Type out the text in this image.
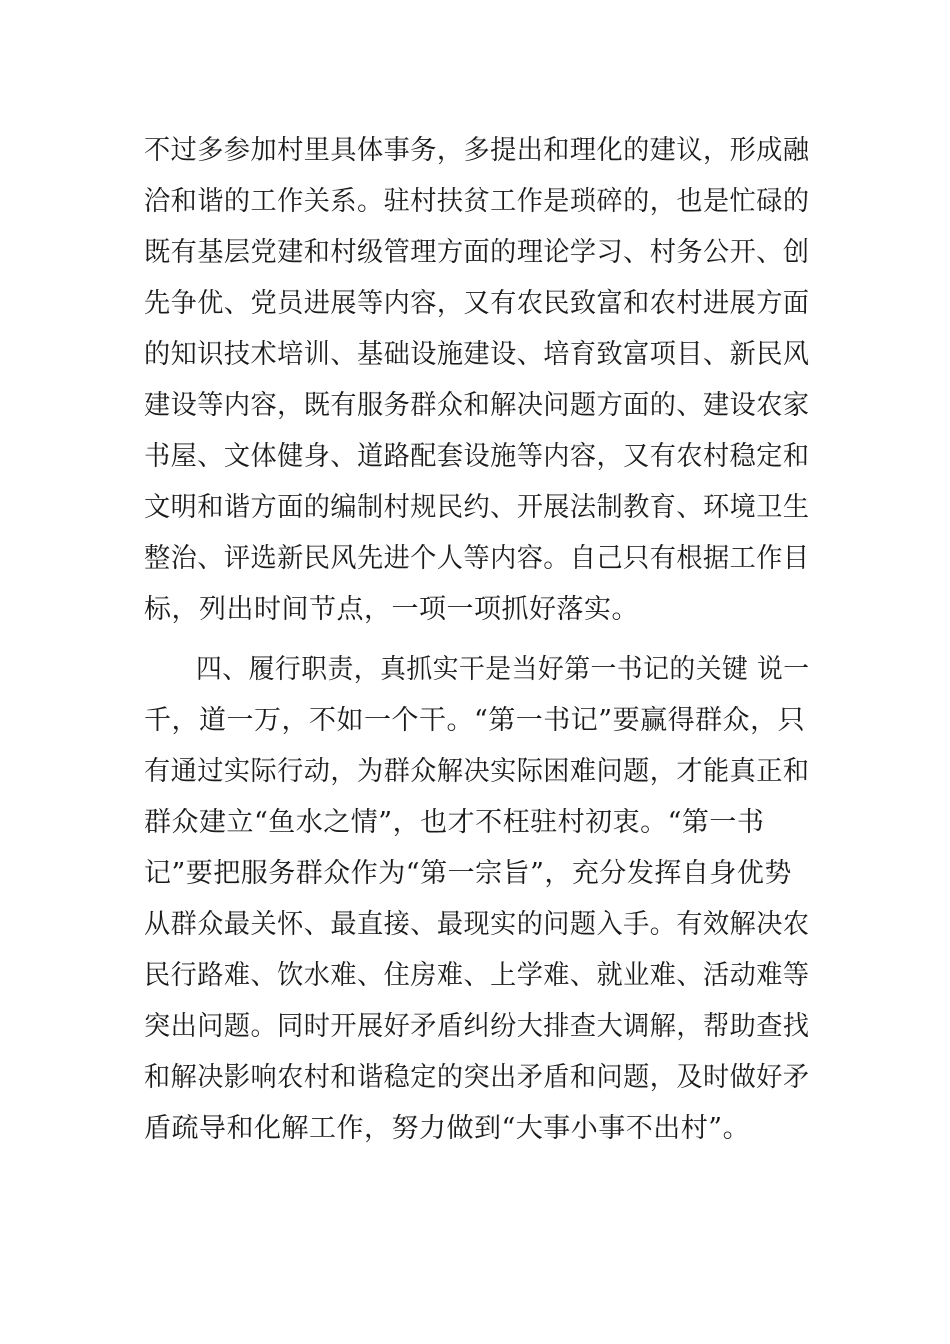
不过多参加村里具体事务，多提出和理化的建议，形成融
洽和谐的工作关系。驻村扶贫工作是琐碎的，也是忙碌的
既有基层党建和村级管理方面的理论学习、村务公开、创
先争优、党员进展等内容，又有农民致富和农村进展方面
的知识技术培训、基础设施建设、培育致富项目、新民风
建设等内容，既有服务群众和解决问题方面的、建设农家
书屋、文体健身、道路配套设施等内容，又有农村稳定和
文明和谐方面的编制村规民约、开展法制教育、环境卫生
整治、评选新民风先进个人等内容。自己只有根据工作目
标，列出时间节点，一项一项抓好落实。
四、履行职责，真抓实干是当好第一书记的关键 说一
千，道一万，不如一个干。“第一书记”要赢得群众，只
有通过实际行动，为群众解决实际困难问题，才能真正和
群众建立“鱼水之情”，也才不枉驻村初衷。“第一书
记”要把服务群众作为“第一宗旨”，充分发挥自身优势
从群众最关怀、最直接、最现实的问题入手。有效解决农
民行路难、饮水难、住房难、上学难、就业难、活动难等
突出问题。同时开展好矛盾纠纷大排查大调解，帮助查找
和解决影响农村和谐稳定的突出矛盾和问题，及时做好矛
盾疏导和化解工作，努力做到“大事小事不出村”。
